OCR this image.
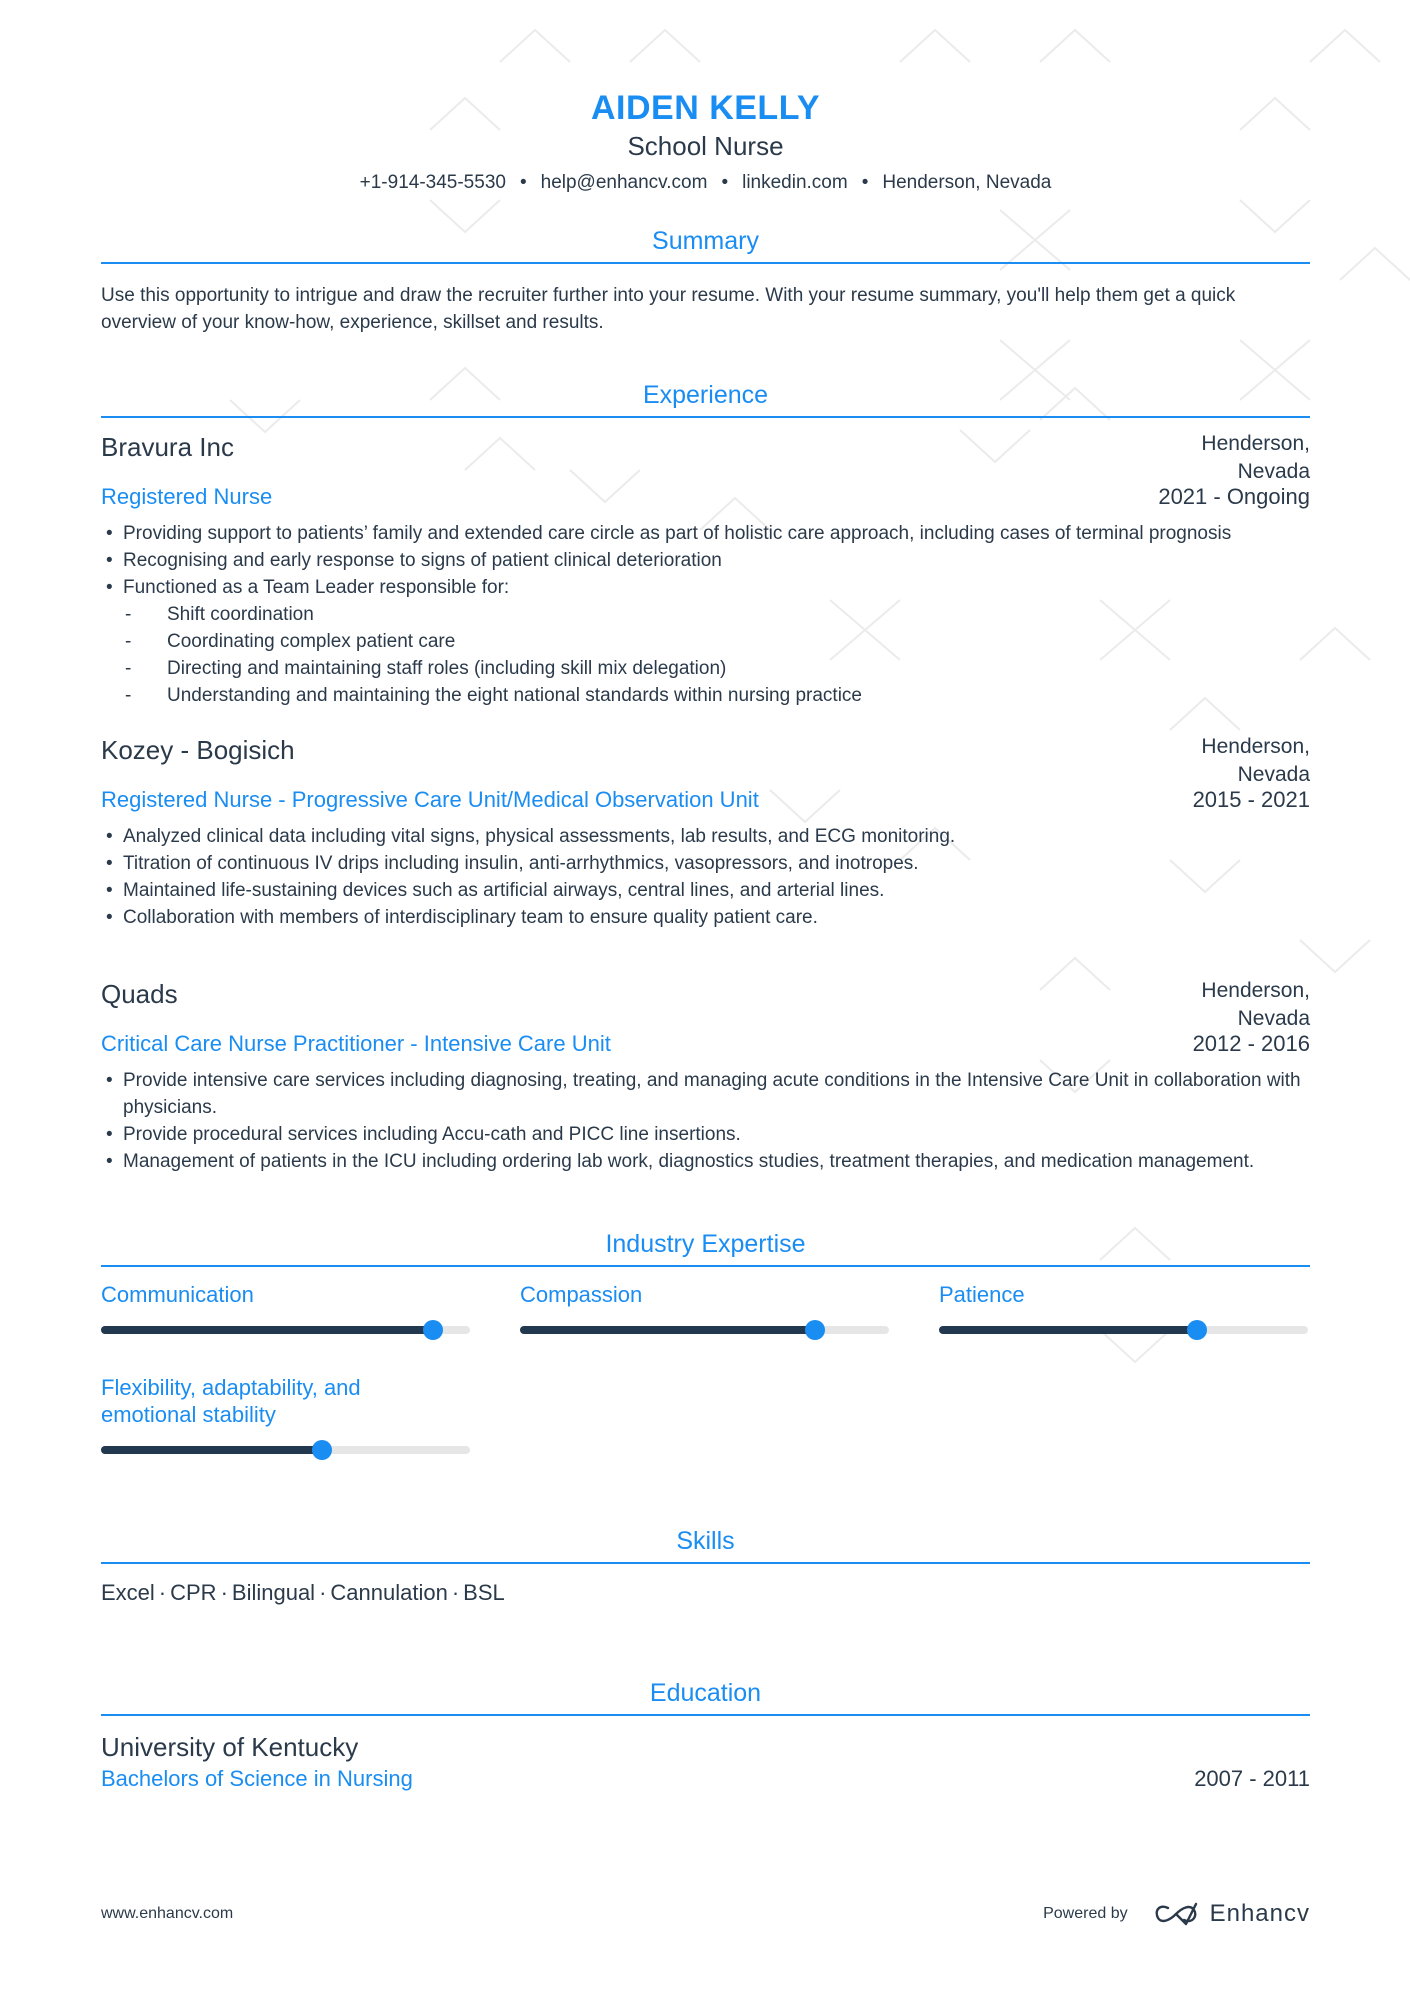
AIDEN KELLY
School Nurse
+1-914-345-5530 • help@enhancv.com • linkedin.com • Henderson, Nevada
Summary
Use this opportunity to intrigue and draw the recruiter further into your resume. With your resume summary, you'll help them get a quick overview of your know-how, experience, skillset and results.
Experience
Bravura Inc	Henderson, Nevada
Registered Nurse	2021 - Ongoing
• Providing support to patients’ family and extended care circle as part of holistic care approach, including cases of terminal prognosis
• Recognising and early response to signs of patient clinical deterioration
• Functioned as a Team Leader responsible for:
- Shift coordination
- Coordinating complex patient care
- Directing and maintaining staff roles (including skill mix delegation)
- Understanding and maintaining the eight national standards within nursing practice
Kozey - Bogisich	Henderson, Nevada
Registered Nurse - Progressive Care Unit/Medical Observation Unit	2015 - 2021
• Analyzed clinical data including vital signs, physical assessments, lab results, and ECG monitoring.
• Titration of continuous IV drips including insulin, anti-arrhythmics, vasopressors, and inotropes.
• Maintained life-sustaining devices such as artificial airways, central lines, and arterial lines.
• Collaboration with members of interdisciplinary team to ensure quality patient care.
Quads	Henderson, Nevada
Critical Care Nurse Practitioner - Intensive Care Unit	2012 - 2016
• Provide intensive care services including diagnosing, treating, and managing acute conditions in the Intensive Care Unit in collaboration with physicians.
• Provide procedural services including Accu-cath and PICC line insertions.
• Management of patients in the ICU including ordering lab work, diagnostics studies, treatment therapies, and medication management.
Industry Expertise
Communication	Compassion	Patience
Flexibility, adaptability, and emotional stability
Skills
Excel · CPR · Bilingual · Cannulation · BSL
Education
University of Kentucky
Bachelors of Science in Nursing	2007 - 2011
www.enhancv.com	Powered by	Enhancv
